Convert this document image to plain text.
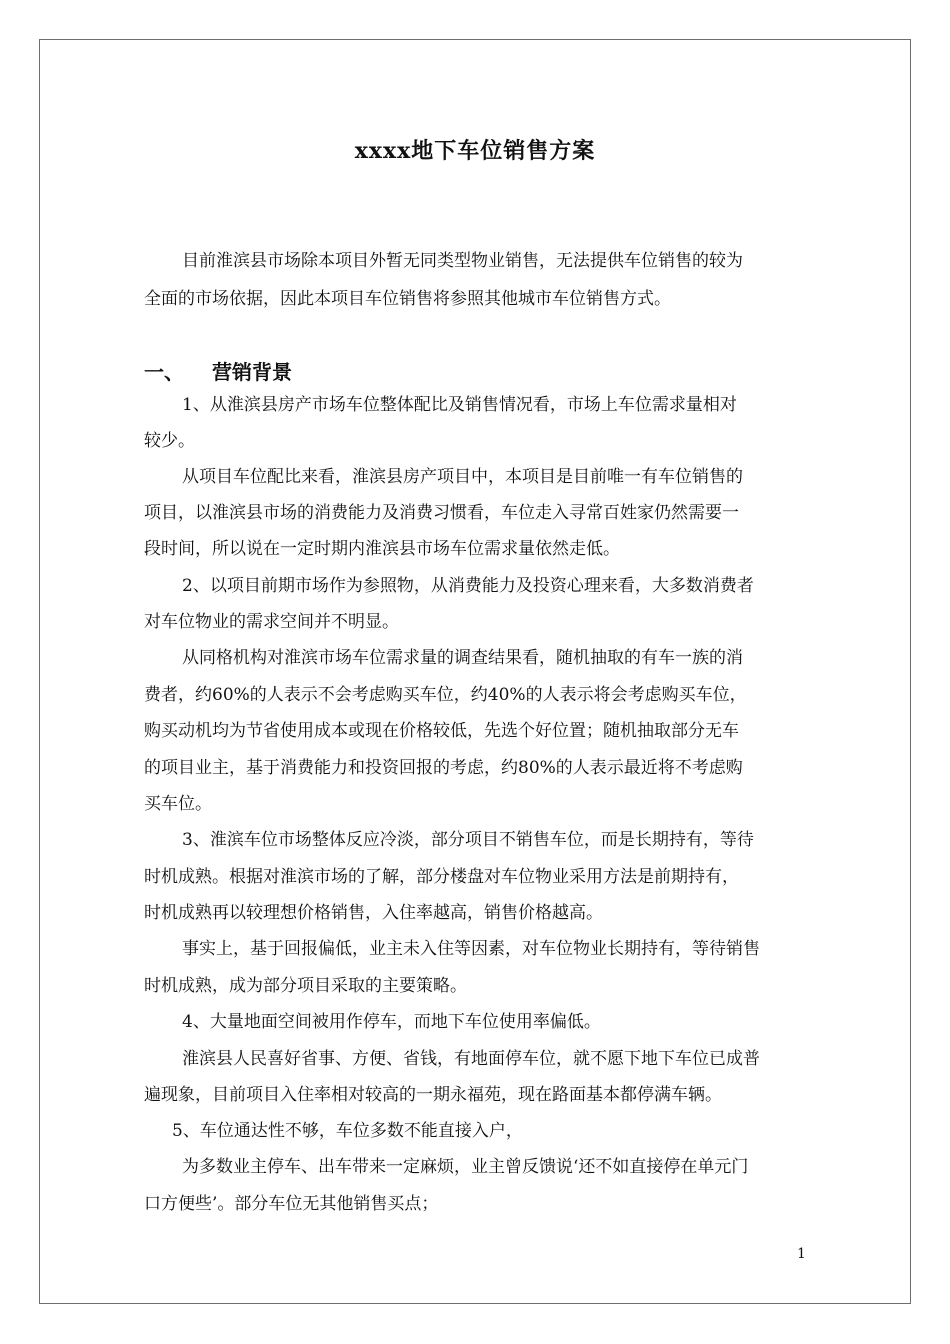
xxxx地下车位销售方案
目前淮滨县市场除本项目外暂无同类型物业销售，无法提供车位销售的较为
全面的市场依据，因此本项目车位销售将参照其他城市车位销售方式。
一、 营销背景
1、从淮滨县房产市场车位整体配比及销售情况看，市场上车位需求量相对
较少。
从项目车位配比来看，淮滨县房产项目中，本项目是目前唯一有车位销售的
项目，以淮滨县市场的消费能力及消费习惯看，车位走入寻常百姓家仍然需要一
段时间，所以说在一定时期内淮滨县市场车位需求量依然走低。
2、以项目前期市场作为参照物，从消费能力及投资心理来看，大多数消费者
对车位物业的需求空间并不明显。
从同格机构对淮滨市场车位需求量的调查结果看，随机抽取的有车一族的消
费者，约60%的人表示不会考虑购买车位，约40%的人表示将会考虑购买车位，
购买动机均为节省使用成本或现在价格较低，先选个好位置；随机抽取部分无车
的项目业主，基于消费能力和投资回报的考虑，约80%的人表示最近将不考虑购
买车位。
3、淮滨车位市场整体反应冷淡，部分项目不销售车位，而是长期持有，等待
时机成熟。根据对淮滨市场的了解，部分楼盘对车位物业采用方法是前期持有，
时机成熟再以较理想价格销售，入住率越高，销售价格越高。
事实上，基于回报偏低，业主未入住等因素，对车位物业长期持有，等待销售
时机成熟，成为部分项目采取的主要策略。
4、大量地面空间被用作停车，而地下车位使用率偏低。
淮滨县人民喜好省事、方便、省钱，有地面停车位，就不愿下地下车位已成普
遍现象，目前项目入住率相对较高的一期永福苑，现在路面基本都停满车辆。
5、车位通达性不够，车位多数不能直接入户，
为多数业主停车、出车带来一定麻烦，业主曾反馈说‘还不如直接停在单元门
口方便些’。部分车位无其他销售买点；
1
